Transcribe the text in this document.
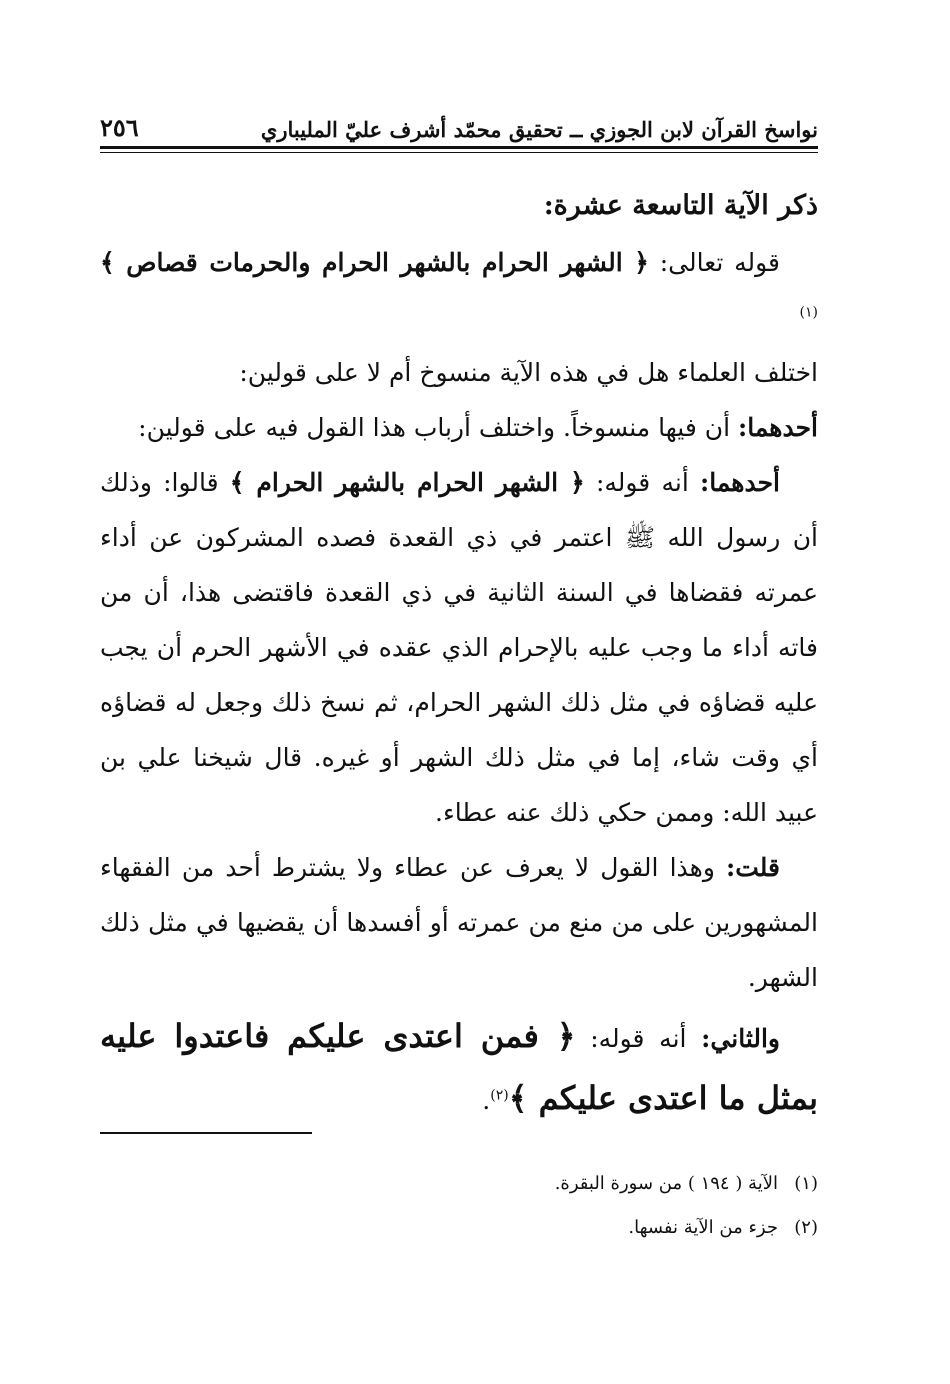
نواسخ القرآن لابن الجوزي ــ تحقيق محمّد أشرف عليّ المليباري
٢٥٦

ذكر الآية التاسعة عشرة:

قوله تعالى: ﴿ الشهر الحرام بالشهر الحرام والحرمات قصاص ﴾ $^{(١)}$

اختلف العلماء هل في هذه الآية منسوخ أم لا على قولين:

أحدهما: أن فيها منسوخاً. واختلف أرباب هذا القول فيه على قولين:

أحدهما: أنه قوله: ﴿ الشهر الحرام بالشهر الحرام ﴾ قالوا: وذلك أن رسول الله ﷺ اعتمر في ذي القعدة فصده المشركون عن أداء عمرته فقضاها في السنة الثانية في ذي القعدة فاقتضى هذا، أن من فاته أداء ما وجب عليه بالإحرام الذي عقده في الأشهر الحرم أن يجب عليه قضاؤه في مثل ذلك الشهر الحرام، ثم نسخ ذلك وجعل له قضاؤه أي وقت شاء، إما في مثل ذلك الشهر أو غيره. قال شيخنا علي بن عبيد الله: وممن حكي ذلك عنه عطاء.

قلت: وهذا القول لا يعرف عن عطاء ولا يشترط أحد من الفقهاء المشهورين على من منع من عمرته أو أفسدها أن يقضيها في مثل ذلك الشهر.

والثاني: أنه قوله: ﴿ فمن اعتدى عليكم فاعتدوا عليه بمثل ما اعتدى عليكم ﴾$^{(٢)}$.

(١)الآية ( ١٩٤ ) من سورة البقرة.

(٢)جزء من الآية نفسها.
